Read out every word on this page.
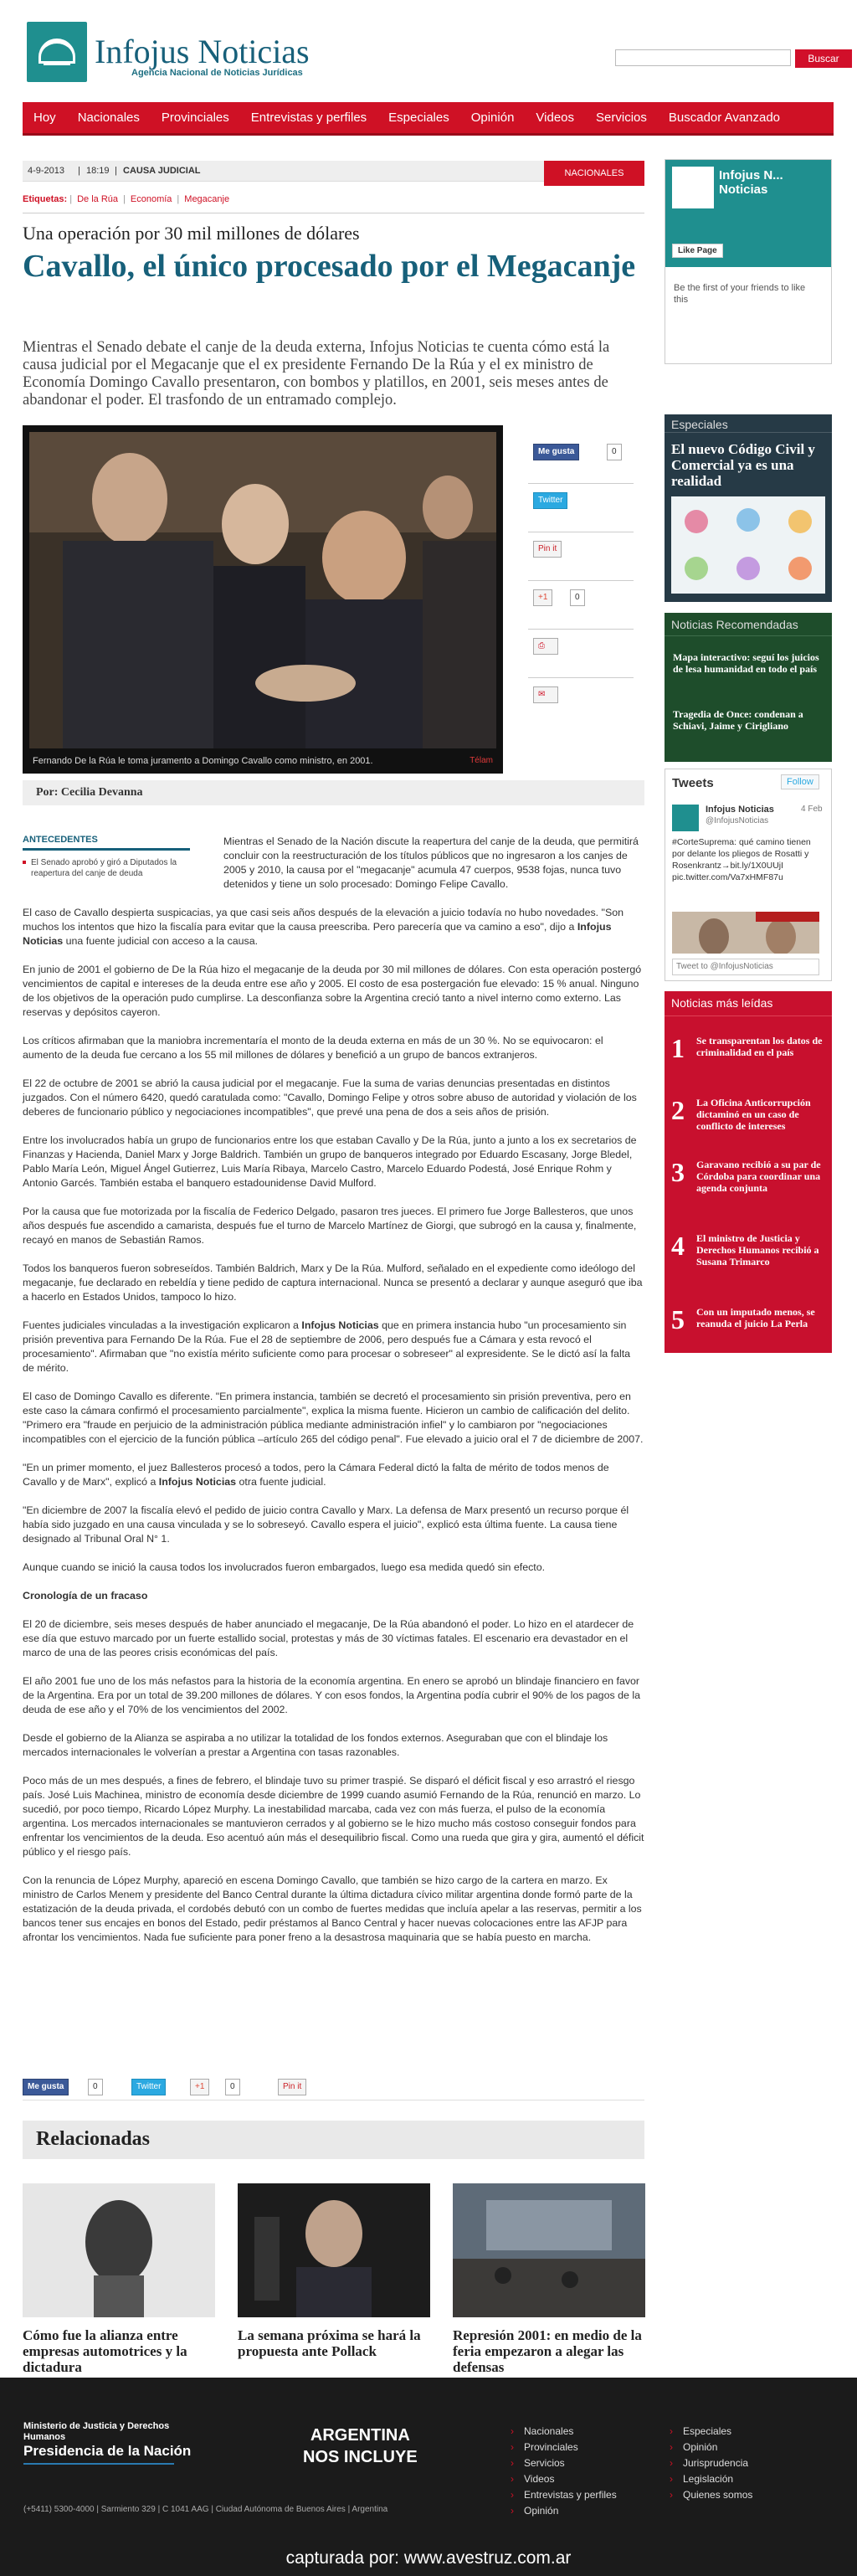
Infojus Noticias
Agencia Nacional de Noticias Jurídicas
Buscar
Hoy	Nacionales	Provinciales	Entrevistas y perfiles	Especiales	Opinión	Videos	Servicios	Buscador Avanzado
4-9-2013 | 18:19 | CAUSA JUDICIAL	NACIONALES
Etiquetas: | De la Rúa | Economía | Megacanje
Una operación por 30 mil millones de dólares
Cavallo, el único procesado por el Megacanje
Mientras el Senado debate el canje de la deuda externa, Infojus Noticias te cuenta cómo está la causa judicial por el Megacanje que el ex presidente Fernando De la Rúa y el ex ministro de Economía Domingo Cavallo presentaron, con bombos y platillos, en 2001, seis meses antes de abandonar el poder. El trasfondo de un entramado complejo.
Fernando De la Rúa le toma juramento a Domingo Cavallo como ministro, en 2001.	Télam
Me gusta	0
Twitter
Pin it
+1	0
⎙
✉
Por: Cecilia Devanna

Mientras el Senado de la Nación discute la reapertura del canje de la deuda, que permitirá concluir con la reestructuración de los títulos públicos que no ingresaron a los canjes de 2005 y 2010, la causa por el "megacanje" acumula 47 cuerpos, 9538 fojas, nunca tuvo detenidos y tiene un solo procesado: Domingo Felipe Cavallo.

El caso de Cavallo despierta suspicacias, ya que casi seis años después de la elevación a juicio todavía no hubo novedades. "Son muchos los intentos que hizo la fiscalía para evitar que la causa preescriba. Pero parecería que va camino a eso", dijo a Infojus Noticias una fuente judicial con acceso a la causa.

En junio de 2001 el gobierno de De la Rúa hizo el megacanje de la deuda por 30 mil millones de dólares. Con esta operación postergó vencimientos de capital e intereses de la deuda entre ese año y 2005. El costo de esa postergación fue elevado: 15 % anual. Ninguno de los objetivos de la operación pudo cumplirse. La desconfianza sobre la Argentina creció tanto a nivel interno como externo. Las reservas y depósitos cayeron.

Los críticos afirmaban que la maniobra incrementaría el monto de la deuda externa en más de un 30 %. No se equivocaron: el aumento de la deuda fue cercano a los 55 mil millones de dólares y benefició a un grupo de bancos extranjeros.

El 22 de octubre de 2001 se abrió la causa judicial por el megacanje. Fue la suma de varias denuncias presentadas en distintos juzgados. Con el número 6420, quedó caratulada como: "Cavallo, Domingo Felipe y otros sobre abuso de autoridad y violación de los deberes de funcionario público y negociaciones incompatibles", que prevé una pena de dos a seis años de prisión.

Entre los involucrados había un grupo de funcionarios entre los que estaban Cavallo y De la Rúa, junto a junto a los ex secretarios de Finanzas y Hacienda, Daniel Marx y Jorge Baldrich. También un grupo de banqueros integrado por Eduardo Escasany, Jorge Bledel, Pablo María León, Miguel Ángel Gutierrez, Luis María Ribaya, Marcelo Castro, Marcelo Eduardo Podestá, José Enrique Rohm y Antonio Garcés. También estaba el banquero estadounidense David Mulford.

Por la causa que fue motorizada por la fiscalía de Federico Delgado, pasaron tres jueces. El primero fue Jorge Ballesteros, que unos años después fue ascendido a camarista, después fue el turno de Marcelo Martínez de Giorgi, que subrogó en la causa y, finalmente, recayó en manos de Sebastián Ramos.

Todos los banqueros fueron sobreseídos. También Baldrich, Marx y De la Rúa. Mulford, señalado en el expediente como ideólogo del megacanje, fue declarado en rebeldía y tiene pedido de captura internacional. Nunca se presentó a declarar y aunque aseguró que iba a hacerlo en Estados Unidos, tampoco lo hizo.

Fuentes judiciales vinculadas a la investigación explicaron a Infojus Noticias que en primera instancia hubo "un procesamiento sin prisión preventiva para Fernando De la Rúa. Fue el 28 de septiembre de 2006, pero después fue a Cámara y esta revocó el procesamiento". Afirmaban que "no existía mérito suficiente como para procesar o sobreseer" al expresidente. Se le dictó así la falta de mérito.

El caso de Domingo Cavallo es diferente. "En primera instancia, también se decretó el procesamiento sin prisión preventiva, pero en este caso la cámara confirmó el procesamiento parcialmente", explica la misma fuente. Hicieron un cambio de calificación del delito. "Primero era "fraude en perjuicio de la administración pública mediante administración infiel" y lo cambiaron por "negociaciones incompatibles con el ejercicio de la función pública –artículo 265 del código penal". Fue elevado a juicio oral el 7 de diciembre de 2007.

"En un primer momento, el juez Ballesteros procesó a todos, pero la Cámara Federal dictó la falta de mérito de todos menos de Cavallo y de Marx", explicó a Infojus Noticias otra fuente judicial.

"En diciembre de 2007 la fiscalía elevó el pedido de juicio contra Cavallo y Marx. La defensa de Marx presentó un recurso porque él había sido juzgado en una causa vinculada y se lo sobreseyó. Cavallo espera el juicio", explicó esta última fuente. La causa tiene designado al Tribunal Oral N° 1.

Aunque cuando se inició la causa todos los involucrados fueron embargados, luego esa medida quedó sin efecto.

Cronología de un fracaso

El 20 de diciembre, seis meses después de haber anunciado el megacanje, De la Rúa abandonó el poder. Lo hizo en el atardecer de ese día que estuvo marcado por un fuerte estallido social, protestas y más de 30 víctimas fatales. El escenario era devastador en el marco de una de las peores crisis económicas del país.

El año 2001 fue uno de los más nefastos para la historia de la economía argentina. En enero se aprobó un blindaje financiero en favor de la Argentina. Era por un total de 39.200 millones de dólares. Y con esos fondos, la Argentina podía cubrir el 90% de los pagos de la deuda de ese año y el 70% de los vencimientos del 2002.

Desde el gobierno de la Alianza se aspiraba a no utilizar la totalidad de los fondos externos. Aseguraban que con el blindaje los mercados internacionales le volverían a prestar a Argentina con tasas razonables.

Poco más de un mes después, a fines de febrero, el blindaje tuvo su primer traspié. Se disparó el déficit fiscal y eso arrastró el riesgo país. José Luis Machinea, ministro de economía desde diciembre de 1999 cuando asumió Fernando de la Rúa, renunció en marzo. Lo sucedió, por poco tiempo, Ricardo López Murphy. La inestabilidad marcaba, cada vez con más fuerza, el pulso de la economía argentina. Los mercados internacionales se mantuvieron cerrados y al gobierno se le hizo mucho más costoso conseguir fondos para enfrentar los vencimientos de la deuda. Eso acentuó aún más el desequilibrio fiscal. Como una rueda que gira y gira, aumentó el déficit público y el riesgo país.

Con la renuncia de López Murphy, apareció en escena Domingo Cavallo, que también se hizo cargo de la cartera en marzo. Ex ministro de Carlos Menem y presidente del Banco Central durante la última dictadura cívico militar argentina donde formó parte de la estatización de la deuda privada, el cordobés debutó con un combo de fuertes medidas que incluía apelar a las reservas, permitir a los bancos tener sus encajes en bonos del Estado, pedir préstamos al Banco Central y hacer nuevas colocaciones entre las AFJP para afrontar los vencimientos. Nada fue suficiente para poner freno a la desastrosa maquinaria que se había puesto en marcha.

ANTECEDENTES
El Senado aprobó y giró a Diputados la reapertura del canje de deuda
Me gusta	0	Twitter	+1	0	Pin it
Relacionadas
Cómo fue la alianza entre empresas automotrices y la dictadura
La semana próxima se hará la propuesta ante Pollack
Represión 2001: en medio de la feria empezaron a alegar las defensas
Infojus N... Noticias
Like Page
Be the first of your friends to like this
Especiales
El nuevo Código Civil y Comercial ya es una realidad
Noticias Recomendadas
Mapa interactivo: seguí los juicios de lesa humanidad en todo el país
Tragedia de Once: condenan a Schiavi, Jaime y Cirigliano
Tweets	Follow
Infojus Noticias
@InfojusNoticias
4 Feb
#CorteSuprema: qué camino tienen por delante los pliegos de Rosatti y Rosenkrantz→bit.ly/1X0UUjI pic.twitter.com/Va7xHMF87u
Tweet to @InfojusNoticias
Noticias más leídas
1 Se transparentan los datos de criminalidad en el país
2 La Oficina Anticorrupción dictaminó en un caso de conflicto de intereses
3 Garavano recibió a su par de Córdoba para coordinar una agenda conjunta
4 El ministro de Justicia y Derechos Humanos recibió a Susana Trimarco
5 Con un imputado menos, se reanuda el juicio La Perla
Ministerio de Justicia y Derechos Humanos
Presidencia de la Nación
ARGENTINA
NOS INCLUYE
(+5411) 5300-4000 | Sarmiento 329 | C 1041 AAG | Ciudad Autónoma de Buenos Aires | Argentina
› Nacionales
› Provinciales
› Servicios
› Videos
› Entrevistas y perfiles
› Opinión
› Especiales
› Opinión
› Jurisprudencia
› Legislación
› Quienes somos
capturada por: www.avestruz.com.ar
